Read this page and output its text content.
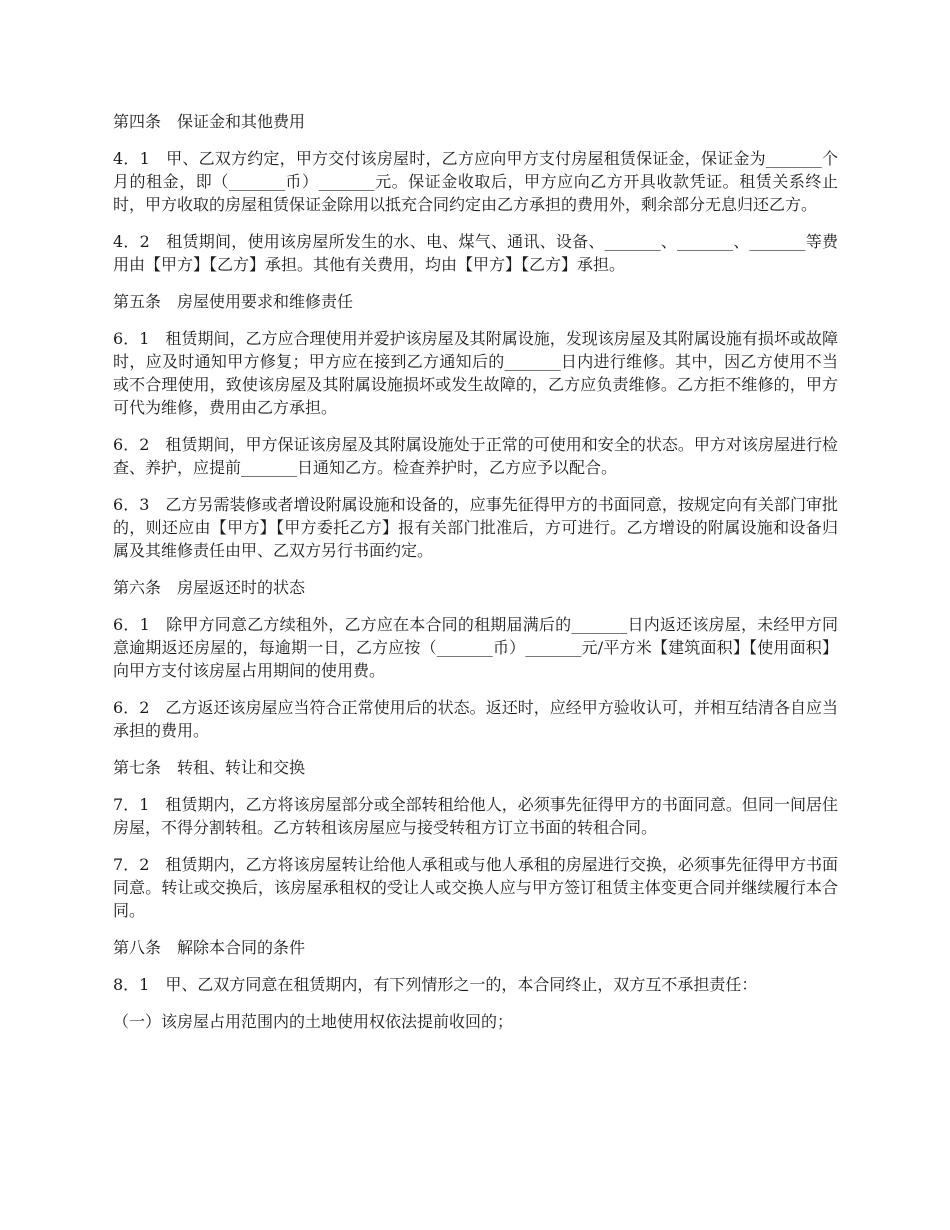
第四条　保证金和其他费用

4．1　甲、乙双方约定，甲方交付该房屋时，乙方应向甲方支付房屋租赁保证金，保证金为_______个月的租金，即（_______币）_______元。保证金收取后，甲方应向乙方开具收款凭证。租赁关系终止时，甲方收取的房屋租赁保证金除用以抵充合同约定由乙方承担的费用外，剩余部分无息归还乙方。

4．2　租赁期间，使用该房屋所发生的水、电、煤气、通讯、设备、_______、_______、_______等费用由【甲方】【乙方】承担。其他有关费用，均由【甲方】【乙方】承担。

第五条　房屋使用要求和维修责任

6．1　租赁期间，乙方应合理使用并爱护该房屋及其附属设施，发现该房屋及其附属设施有损坏或故障时，应及时通知甲方修复；甲方应在接到乙方通知后的_______日内进行维修。其中，因乙方使用不当或不合理使用，致使该房屋及其附属设施损坏或发生故障的，乙方应负责维修。乙方拒不维修的，甲方可代为维修，费用由乙方承担。

6．2　租赁期间，甲方保证该房屋及其附属设施处于正常的可使用和安全的状态。甲方对该房屋进行检查、养护，应提前_______日通知乙方。检查养护时，乙方应予以配合。

6．3　乙方另需装修或者增设附属设施和设备的，应事先征得甲方的书面同意，按规定向有关部门审批的，则还应由【甲方】【甲方委托乙方】报有关部门批准后，方可进行。乙方增设的附属设施和设备归属及其维修责任由甲、乙双方另行书面约定。

第六条　房屋返还时的状态

6．1　除甲方同意乙方续租外，乙方应在本合同的租期届满后的_______日内返还该房屋，未经甲方同意逾期返还房屋的，每逾期一日，乙方应按（_______币）_______元/平方米【建筑面积】【使用面积】向甲方支付该房屋占用期间的使用费。

6．2　乙方返还该房屋应当符合正常使用后的状态。返还时，应经甲方验收认可，并相互结清各自应当承担的费用。

第七条　转租、转让和交换

7．1　租赁期内，乙方将该房屋部分或全部转租给他人，必须事先征得甲方的书面同意。但同一间居住房屋，不得分割转租。乙方转租该房屋应与接受转租方订立书面的转租合同。

7．2　租赁期内，乙方将该房屋转让给他人承租或与他人承租的房屋进行交换，必须事先征得甲方书面同意。转让或交换后，该房屋承租权的受让人或交换人应与甲方签订租赁主体变更合同并继续履行本合同。

第八条　解除本合同的条件

8．1　甲、乙双方同意在租赁期内，有下列情形之一的，本合同终止，双方互不承担责任：

（一）该房屋占用范围内的土地使用权依法提前收回的；
